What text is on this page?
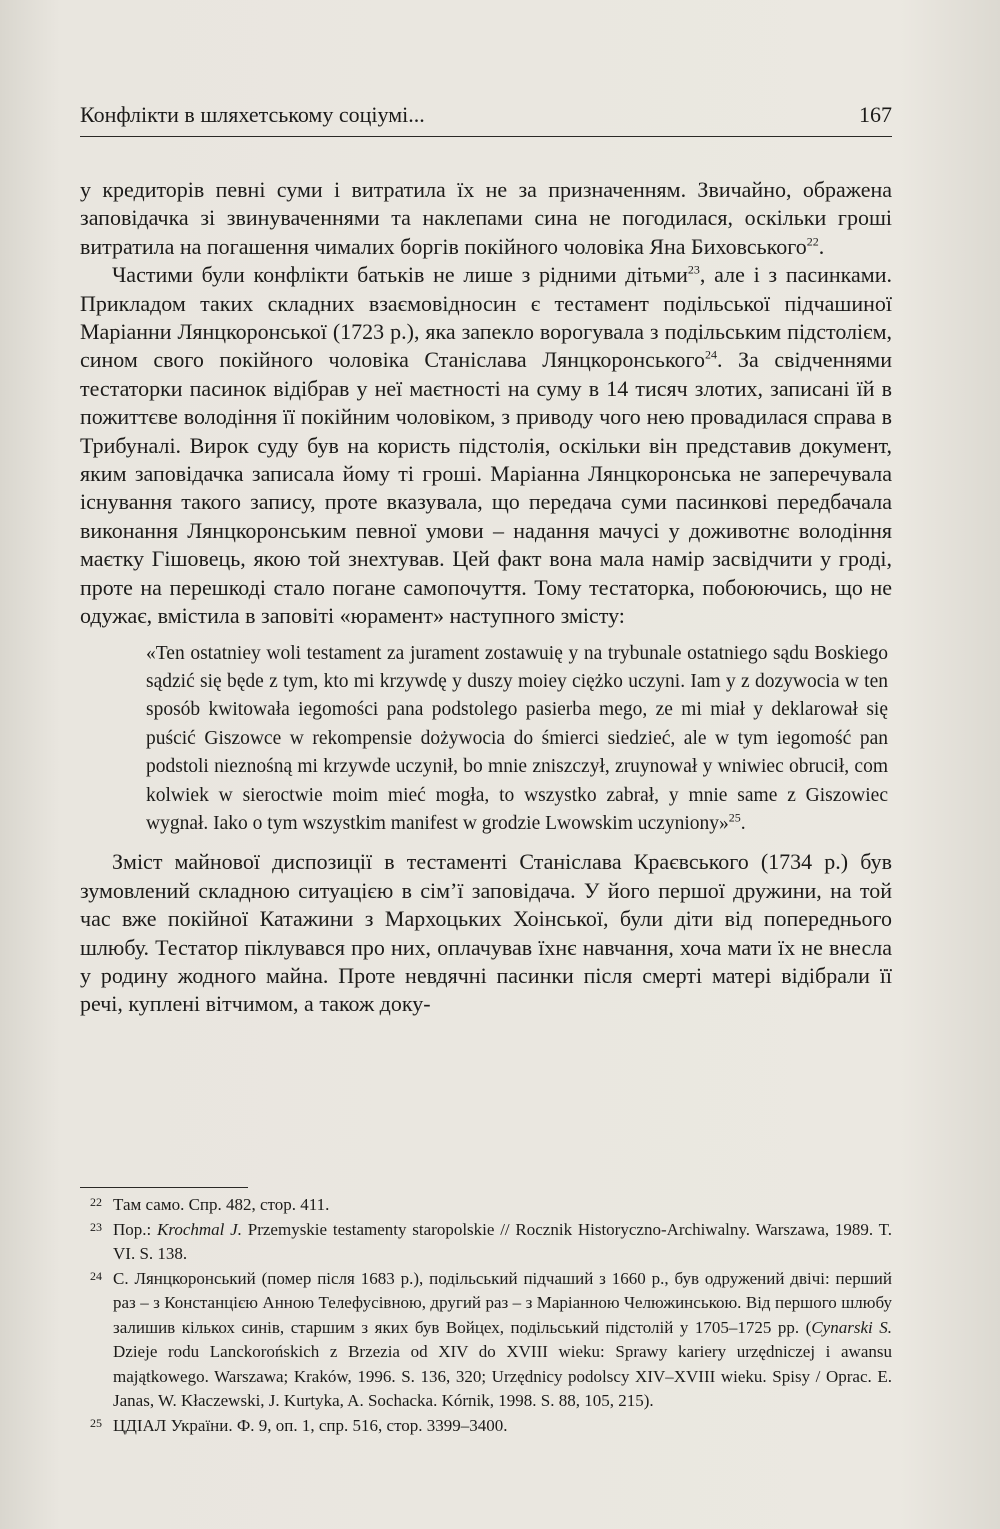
Конфлікти в шляхетському соціумі...	167

у кредиторів певні суми і витратила їх не за призначенням. Звичайно, ображена заповідачка зі звинуваченнями та наклепами сина не погодилася, оскільки гроші витратила на погашення чималих боргів покійного чоловіка Яна Биховського$^{22}$.

Частими були конфлікти батьків не лише з рідними дітьми$^{23}$, але і з пасинками. Прикладом таких складних взаємовідносин є тестамент подільської підчашиної Маріанни Лянцкоронської (1723 р.), яка запекло ворогувала з подільським підстолієм, сином свого покійного чоловіка Станіслава Лянцкоронського$^{24}$. За свідченнями тестаторки пасинок відібрав у неї маєтності на суму в 14 тисяч злотих, записані їй в пожиттєве володіння її покійним чоловіком, з приводу чого нею провадилася справа в Трибуналі. Вирок суду був на користь підстолія, оскільки він представив документ, яким заповідачка записала йому ті гроші. Маріанна Лянцкоронська не заперечувала існування такого запису, проте вказувала, що передача суми пасинкові передбачала виконання Лянцкоронським певної умови – надання мачусі у доживотнє володіння маєтку Гішовець, якою той знехтував. Цей факт вона мала намір засвідчити у гроді, проте на перешкоді стало погане самопочуття. Тому тестаторка, побоюючись, що не одужає, вмістила в заповіті «юрамент» наступного змісту:

«Ten ostatniey woli testament za jurament zostawuię y na trybunale ostatniego sądu Boskiego sądzić się będe z tym, kto mi krzywdę y duszy moiey ciężko uczyni. Iam y z dozywocia w ten sposób kwitowała iegomości pana podstolego pasierba mego, ze mi miał y deklarował się puścić Giszowce w rekompensie dożywocia do śmierci siedzieć, ale w tym iegomość pan podstoli nieznośną mi krzywde uczynił, bo mnie zniszczył, zruynował y wniwiec obrucił, com kolwiek w sieroctwie moim mieć mogła, to wszystko zabrał, y mnie same z Giszowiec wygnał. Iako o tym wszystkim manifest w grodzie Lwowskim uczyniony»$^{25}$.

Зміст майнової диспозиції в тестаменті Станіслава Краєвського (1734 р.) був зумовлений складною ситуацією в сім’ї заповідача. У його першої дружини, на той час вже покійної Катажини з Мархоцьких Хоінської, були діти від попереднього шлюбу. Тестатор піклувався про них, оплачував їхнє навчання, хоча мати їх не внесла у родину жодного майна. Проте невдячні пасинки після смерті матері відібрали її речі, куплені вітчимом, а також доку-

22 Там само. Спр. 482, стор. 411.
23 Пор.: Krochmal J. Przemyskie testamenty staropolskie // Rocznik Historyczno-Archiwalny. Warszawa, 1989. T. VI. S. 138.
24 С. Лянцкоронський (помер після 1683 р.), подільський підчаший з 1660 р., був одружений двічі: перший раз – з Констанцією Анною Телефусівною, другий раз – з Маріанною Челюжинською. Від першого шлюбу залишив кількох синів, старшим з яких був Войцех, подільський підстолій у 1705–1725 pp. (Cynarski S. Dzieje rodu Lanckorońskich z Brzezia od XIV do XVIII wieku: Sprawy kariery urzędniczej i awansu majątkowego. Warszawa; Kraków, 1996. S. 136, 320; Urzędnicy podolscy XIV–XVIII wieku. Spisy / Oprac. E. Janas, W. Kłaczewski, J. Kurtyka, A. Sochacka. Kórnik, 1998. S. 88, 105, 215).
25 ЦДІАЛ України. Ф. 9, оп. 1, спр. 516, стор. 3399–3400.
